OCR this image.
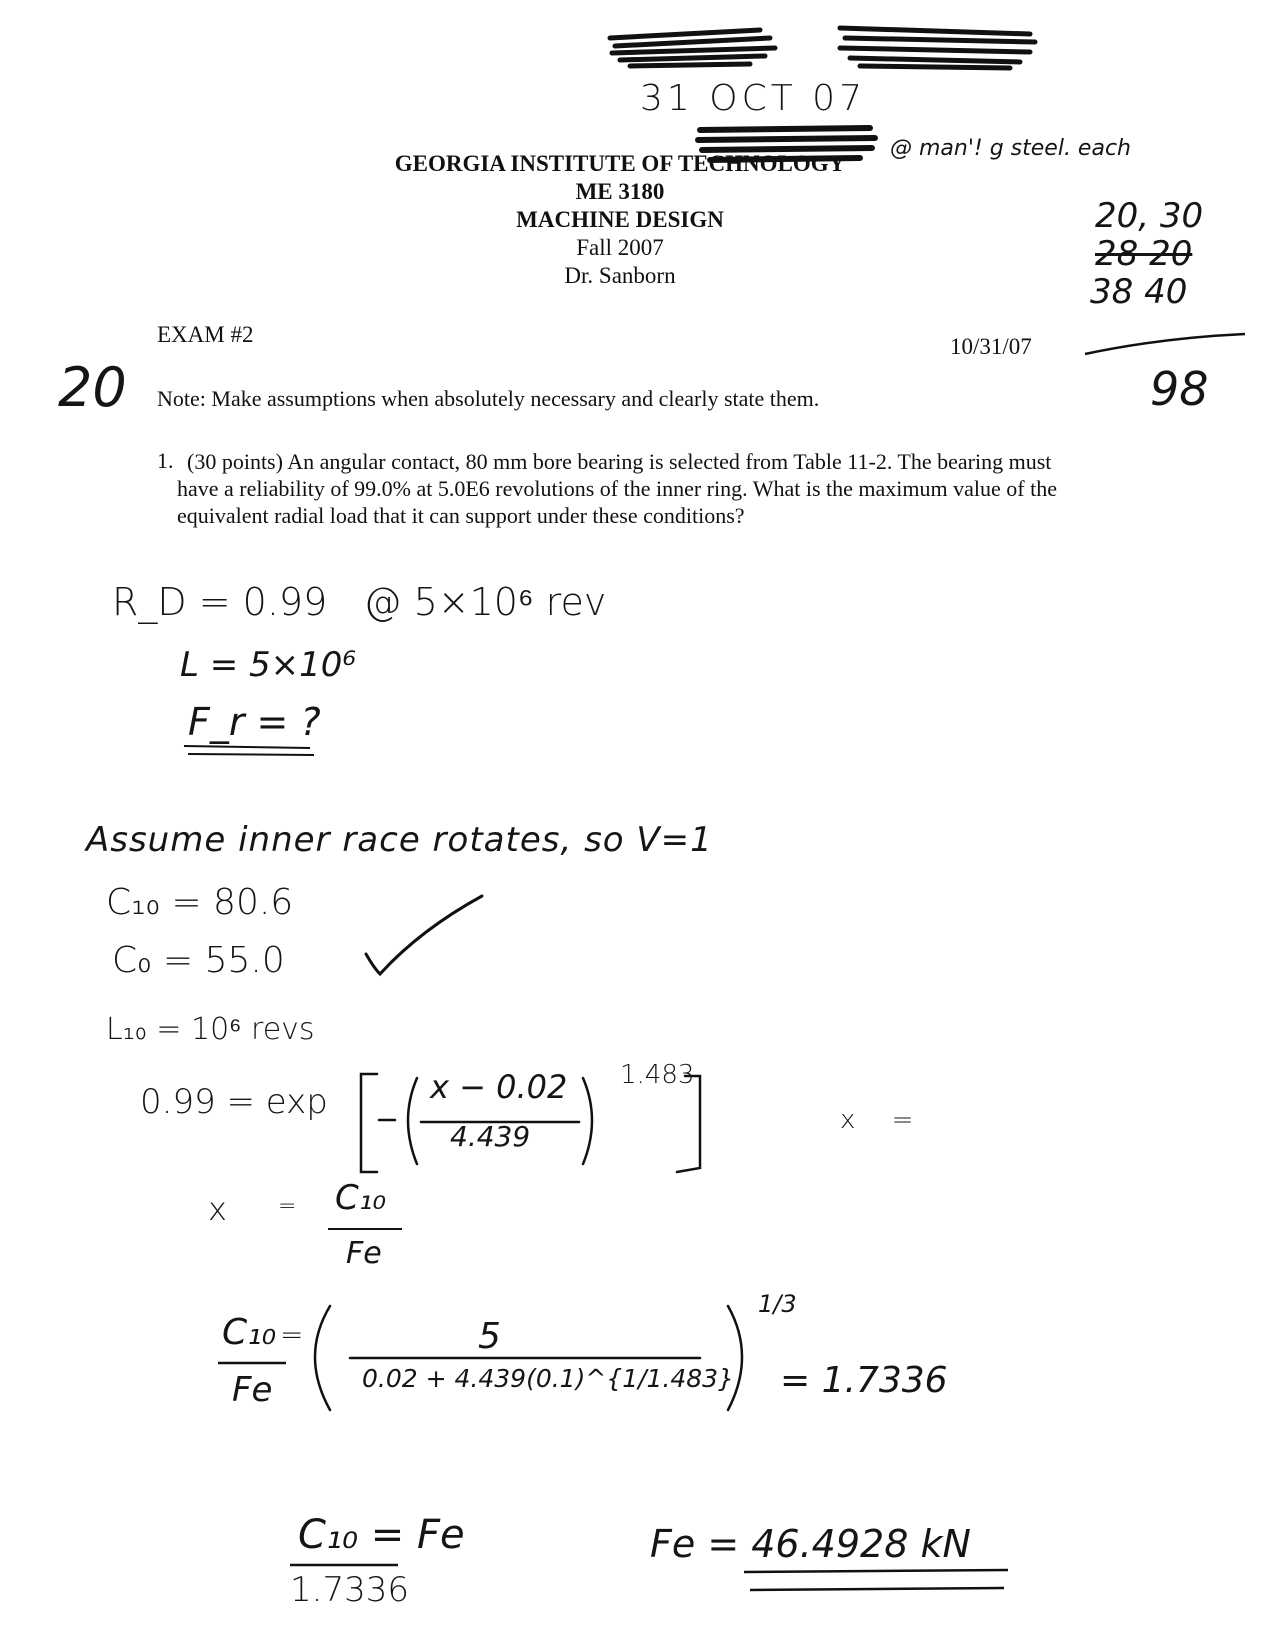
31 OCT 07
@ man'! g steel. each
GEORGIA INSTITUTE OF TECHNOLOGY
ME 3180
MACHINE DESIGN
Fall 2007
Dr. Sanborn
20, 30
28 20
38 40
98
EXAM #2	10/31/07
20 Note: Make assumptions when absolutely necessary and clearly state them.
1. (30 points) An angular contact, 80 mm bore bearing is selected from Table 11-2. The bearing must have a reliability of 99.0% at 5.0E6 revolutions of the inner ring. What is the maximum value of the equivalent radial load that it can support under these conditions?
R_D = 0.99   @ 5×10⁶ rev
L = 5×10⁶
F_r = ?
Assume inner race rotates, so V=1
C₁₀ = 80.6
C₀ = 55.0
L₁₀ = 10⁶ revs
0.99 = exp	x − 0.02
4.439
1.483
x =
x = C₁₀
Fe
C₁₀ =
Fe
5
0.02 + 4.439(0.1)^{1/1.483}
1/3
= 1.7336
C₁₀ = Fe
1.7336
Fe = 46.4928 kN
